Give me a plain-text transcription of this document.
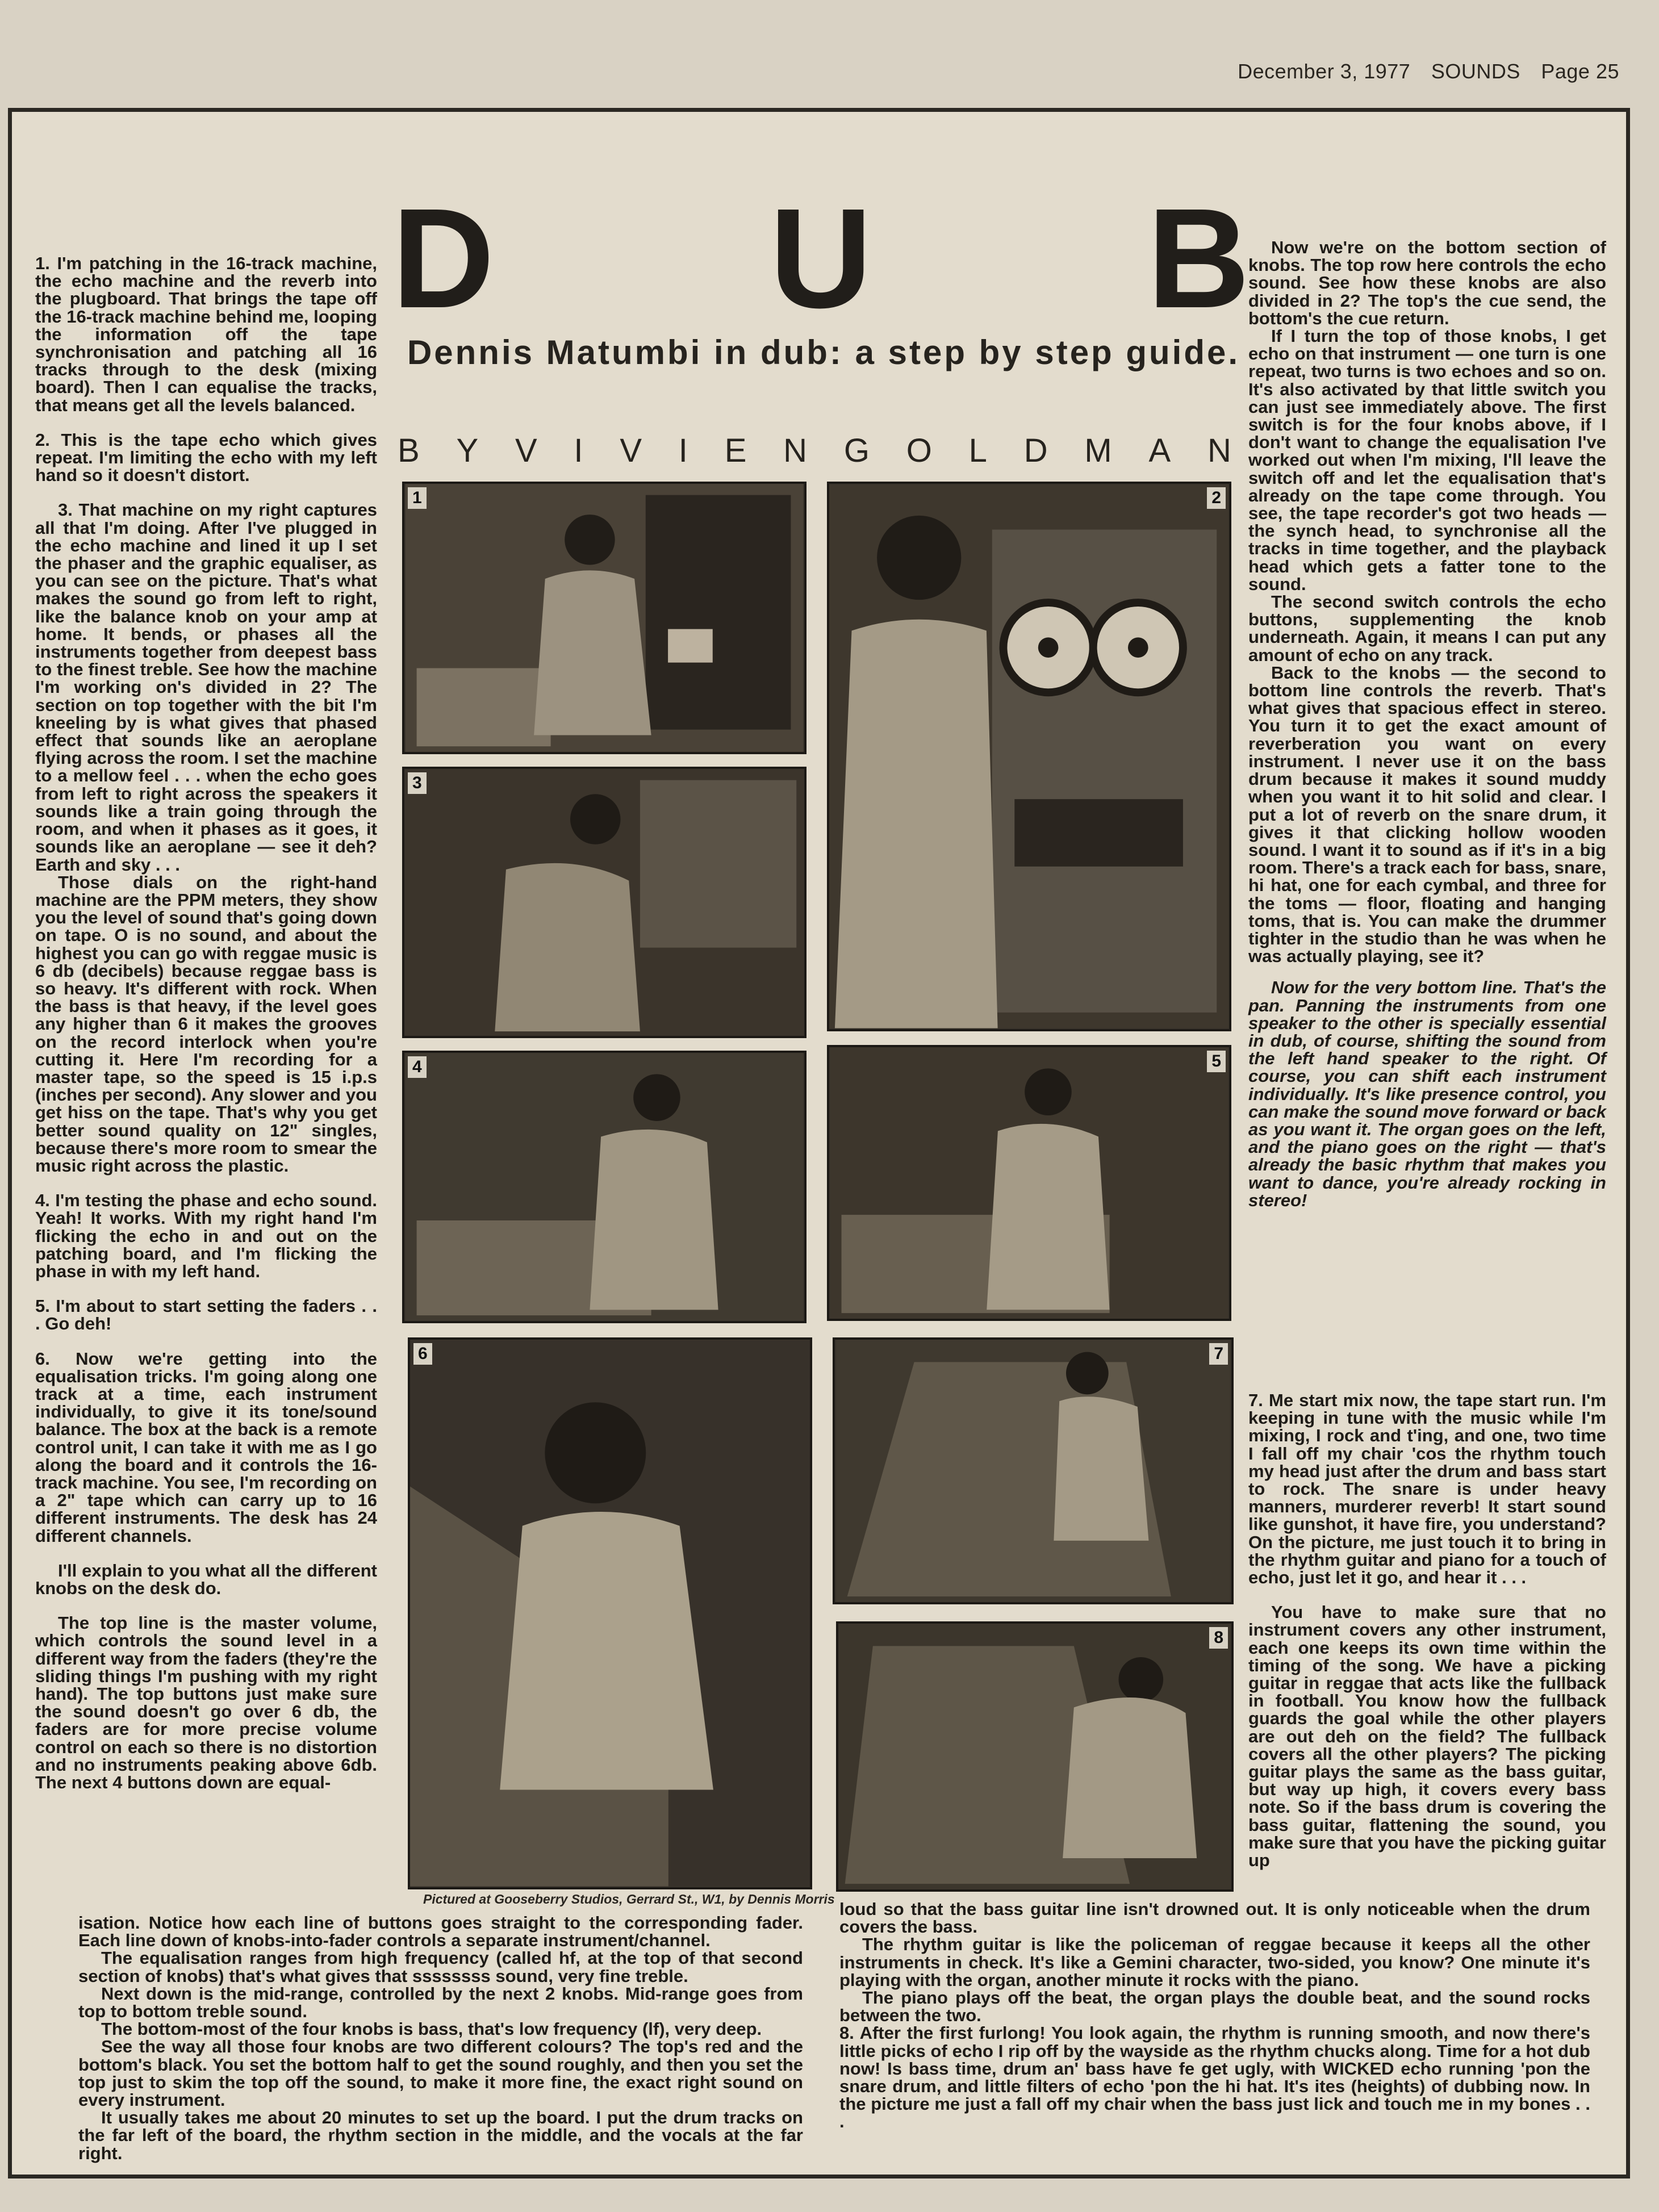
December 3, 1977 SOUNDS Page 25
D U B
Dennis Matumbi in dub: a step by step guide.
B Y V I V I E N G O L D M A N
1	2
3
4	5
6	7
8
Pictured at Gooseberry Studios, Gerrard St., W1, by Dennis Morris

1. I'm patching in the 16-track machine, the echo machine and the reverb into the plugboard. That brings the tape off the 16-track machine behind me, looping the information off the tape synchronisation and patching all 16 tracks through to the desk (mixing board). Then I can equalise the tracks, that means get all the levels balanced.

2. This is the tape echo which gives repeat. I'm limiting the echo with my left hand so it doesn't distort.

3. That machine on my right captures all that I'm doing. After I've plugged in the echo machine and lined it up I set the phaser and the graphic equaliser, as you can see on the picture. That's what makes the sound go from left to right, like the balance knob on your amp at home. It bends, or phases all the instruments together from deepest bass to the finest treble. See how the machine I'm working on's divided in 2? The section on top together with the bit I'm kneeling by is what gives that phased effect that sounds like an aeroplane flying across the room. I set the machine to a mellow feel . . . when the echo goes from left to right across the speakers it sounds like a train going through the room, and when it phases as it goes, it sounds like an aeroplane — see it deh? Earth and sky . . .

Those dials on the right-hand machine are the PPM meters, they show you the level of sound that's going down on tape. O is no sound, and about the highest you can go with reggae music is 6 db (decibels) because reggae bass is so heavy. It's different with rock. When the bass is that heavy, if the level goes any higher than 6 it makes the grooves on the record interlock when you're cutting it. Here I'm recording for a master tape, so the speed is 15 i.p.s (inches per second). Any slower and you get hiss on the tape. That's why you get better sound quality on 12" singles, because there's more room to smear the music right across the plastic.

4. I'm testing the phase and echo sound. Yeah! It works. With my right hand I'm flicking the echo in and out on the patching board, and I'm flicking the phase in with my left hand.

5. I'm about to start setting the faders . . . Go deh!

6. Now we're getting into the equalisation tricks. I'm going along one track at a time, each instrument individually, to give it its tone/sound balance. The box at the back is a remote control unit, I can take it with me as I go along the board and it controls the 16-track machine. You see, I'm recording on a 2" tape which can carry up to 16 different instruments. The desk has 24 different channels.

I'll explain to you what all the different knobs on the desk do.

The top line is the master volume, which controls the sound level in a different way from the faders (they're the sliding things I'm pushing with my right hand). The top buttons just make sure the sound doesn't go over 6 db, the faders are for more precise volume control on each so there is no distortion and no instruments peaking above 6db. The next 4 buttons down are equal-

isation. Notice how each line of buttons goes straight to the corresponding fader. Each line down of knobs-into-fader controls a separate instrument/channel.

The equalisation ranges from high frequency (called hf, at the top of that second section of knobs) that's what gives that ssssssss sound, very fine treble.

Next down is the mid-range, controlled by the next 2 knobs. Mid-range goes from top to bottom treble sound.

The bottom-most of the four knobs is bass, that's low frequency (lf), very deep.

See the way all those four knobs are two different colours? The top's red and the bottom's black. You set the bottom half to get the sound roughly, and then you set the top just to skim the top off the sound, to make it more fine, the exact right sound on every instrument.

It usually takes me about 20 minutes to set up the board. I put the drum tracks on the far left of the board, the rhythm section in the middle, and the vocals at the far right.

Now we're on the bottom section of knobs. The top row here controls the echo sound. See how these knobs are also divided in 2? The top's the cue send, the bottom's the cue return.

If I turn the top of those knobs, I get echo on that instrument — one turn is one repeat, two turns is two echoes and so on. It's also activated by that little switch you can just see immediately above. The first switch is for the four knobs above, if I don't want to change the equalisation I've worked out when I'm mixing, I'll leave the switch off and let the equalisation that's already on the tape come through. You see, the tape recorder's got two heads — the synch head, to synchronise all the tracks in time together, and the playback head which gets a fatter tone to the sound.

The second switch controls the echo buttons, supplementing the knob underneath. Again, it means I can put any amount of echo on any track.

Back to the knobs — the second to bottom line controls the reverb. That's what gives that spacious effect in stereo. You turn it to get the exact amount of reverberation you want on every instrument. I never use it on the bass drum because it makes it sound muddy when you want it to hit solid and clear. I put a lot of reverb on the snare drum, it gives it that clicking hollow wooden sound. I want it to sound as if it's in a big room. There's a track each for bass, snare, hi hat, one for each cymbal, and three for the toms — floor, floating and hanging toms, that is. You can make the drummer tighter in the studio than he was when he was actually playing, see it?

Now for the very bottom line. That's the pan. Panning the instruments from one speaker to the other is specially essential in dub, of course, shifting the sound from the left hand speaker to the right. Of course, you can shift each instrument individually. It's like presence control, you can make the sound move forward or back as you want it. The organ goes on the left, and the piano goes on the right — that's already the basic rhythm that makes you want to dance, you're already rocking in stereo!

7. Me start mix now, the tape start run. I'm keeping in tune with the music while I'm mixing, I rock and t'ing, and one, two time I fall off my chair 'cos the rhythm touch my head just after the drum and bass start to rock. The snare is under heavy manners, murderer reverb! It start sound like gunshot, it have fire, you understand? On the picture, me just touch it to bring in the rhythm guitar and piano for a touch of echo, just let it go, and hear it . . .

You have to make sure that no instrument covers any other instrument, each one keeps its own time within the timing of the song. We have a picking guitar in reggae that acts like the fullback in football. You know how the fullback guards the goal while the other players are out deh on the field? The fullback covers all the other players? The picking guitar plays the same as the bass guitar, but way up high, it covers every bass note. So if the bass drum is covering the bass guitar, flattening the sound, you make sure that you have the picking guitar up

loud so that the bass guitar line isn't drowned out. It is only noticeable when the drum covers the bass.

The rhythm guitar is like the policeman of reggae because it keeps all the other instruments in check. It's like a Gemini character, two-sided, you know? One minute it's playing with the organ, another minute it rocks with the piano.

The piano plays off the beat, the organ plays the double beat, and the sound rocks between the two.

8. After the first furlong! You look again, the rhythm is running smooth, and now there's little picks of echo I rip off by the wayside as the rhythm chucks along. Time for a hot dub now! Is bass time, drum an' bass have fe get ugly, with WICKED echo running 'pon the snare drum, and little filters of echo 'pon the hi hat. It's ites (heights) of dubbing now. In the picture me just a fall off my chair when the bass just lick and touch me in my bones . . .
